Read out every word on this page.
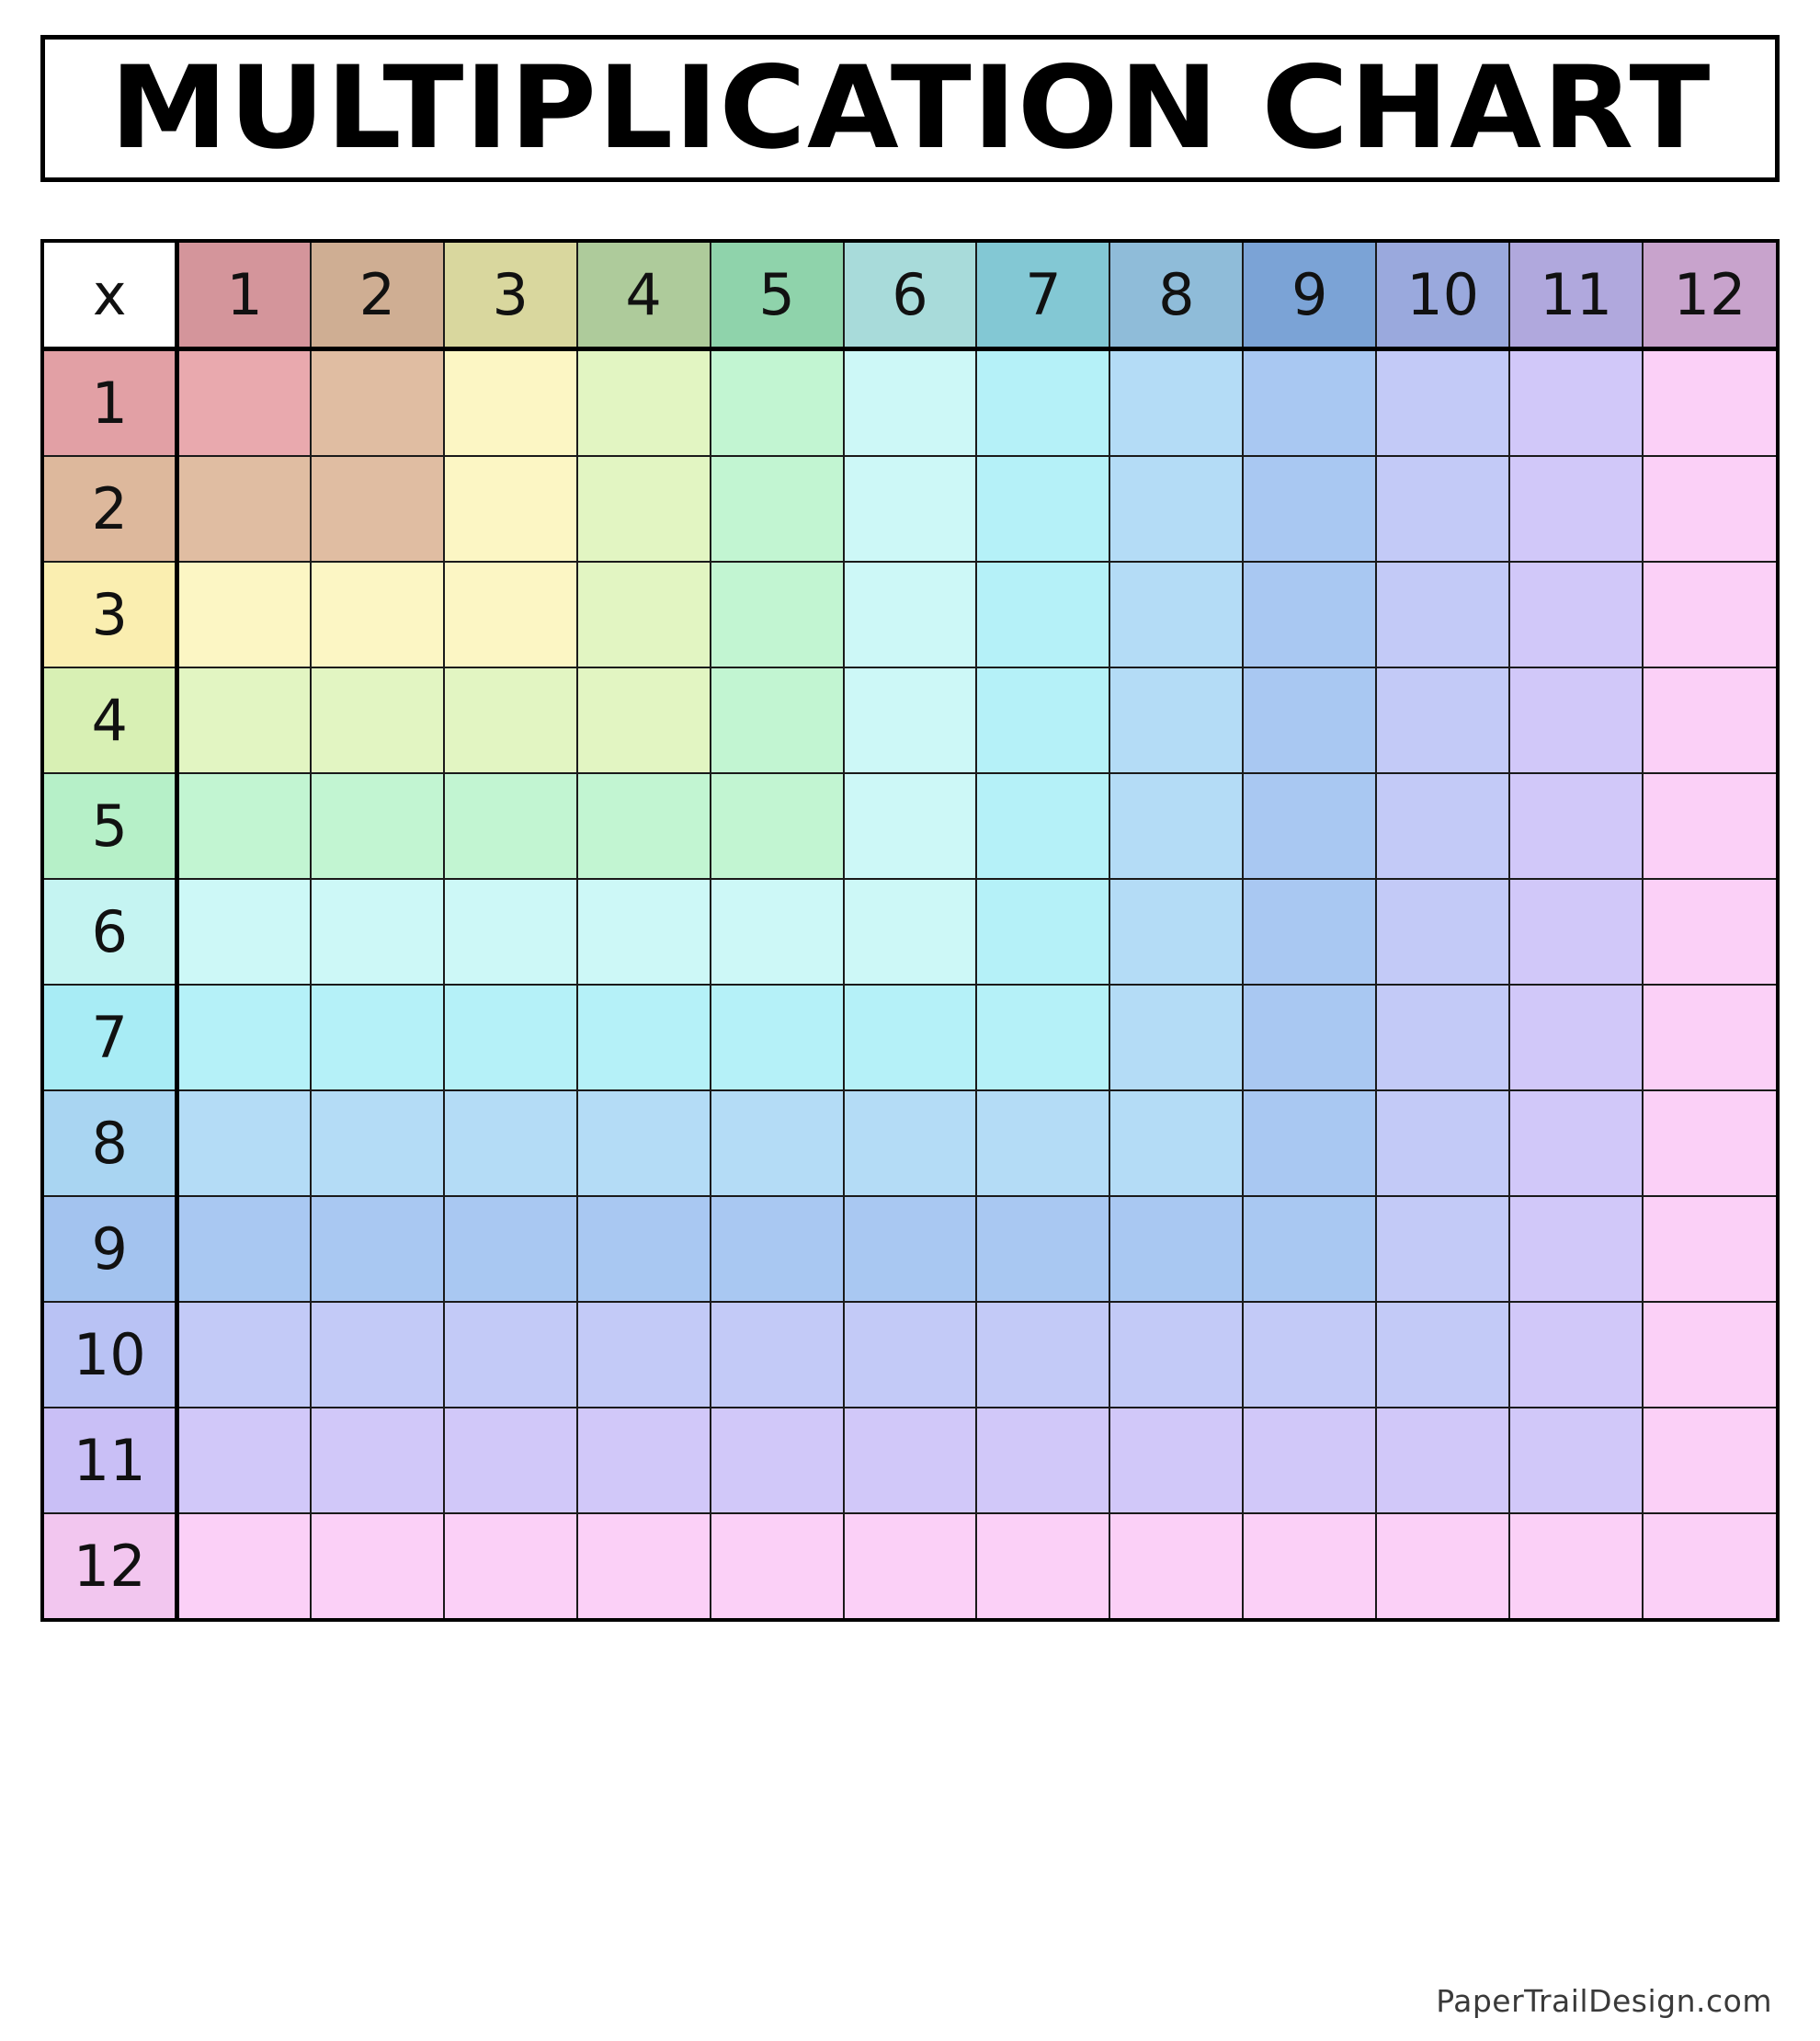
MULTIPLICATION CHART
x	1	2	3	4	5	6	7	8	9	10	11	12
1												
2												
3												
4												
5												
6												
7												
8												
9												
10												
11												
12												
PaperTrailDesign.com
